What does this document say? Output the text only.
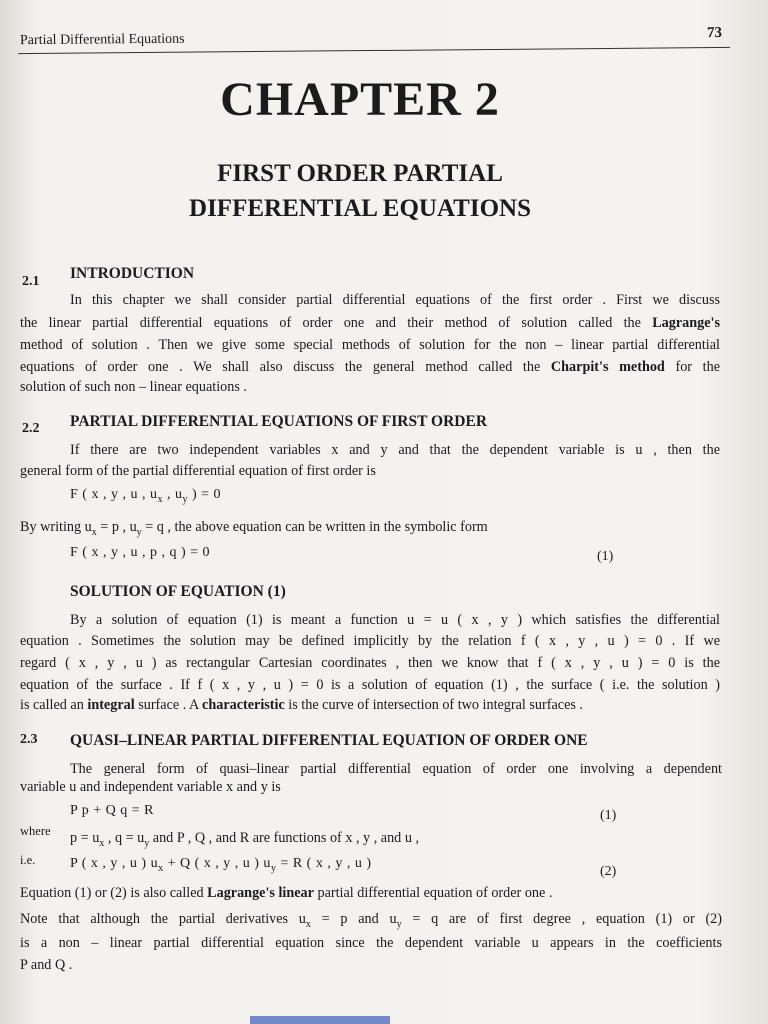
Partial Differential Equations	73
CHAPTER 2
FIRST ORDER PARTIAL
DIFFERENTIAL EQUATIONS
2.1 INTRODUCTION
In this chapter we shall consider partial differential equations of the first order . First we discuss
the linear partial differential equations of order one and their method of solution called the Lagrange's
method of solution . Then we give some special methods of solution for the non – linear partial differential
equations of order one . We shall also discuss the general method called the Charpit's method for the
solution of such non – linear equations .
2.2 PARTIAL DIFFERENTIAL EQUATIONS OF FIRST ORDER
If there are two independent variables x and y and that the dependent variable is u , then the
general form of the partial differential equation of first order is
F ( x , y , u , $u_x$ , $u_y$ ) = 0
By writing $u_x = p$ , $u_y = q$ , the above equation can be written in the symbolic form
F ( x , y , u , p , q ) = 0	(1)
SOLUTION OF EQUATION (1)
By a solution of equation (1) is meant a function u = u ( x , y ) which satisfies the differential
equation . Sometimes the solution may be defined implicitly by the relation f ( x , y , u ) = 0 . If we
regard ( x , y , u ) as rectangular Cartesian coordinates , then we know that f ( x , y , u ) = 0 is the
equation of the surface . If f ( x , y , u ) = 0 is a solution of equation (1) , the surface ( i.e. the solution )
is called an integral surface . A characteristic is the curve of intersection of two integral surfaces .
2.3 QUASI–LINEAR PARTIAL DIFFERENTIAL EQUATION OF ORDER ONE
The general form of quasi–linear partial differential equation of order one involving a dependent
variable u and independent variable x and y is
P p + Q q = R	(1)
where $p = u_x$ , $q = u_y$ and P , Q , and R are functions of x , y , and u ,
i.e. P ( x , y , u ) $u_x + Q$ ( x , y , u ) $u_y = R$ ( x , y , u )
(2)
Equation (1) or (2) is also called Lagrange's linear partial differential equation of order one .
Note that although the partial derivatives $u_x = p$ and $u_y = q$ are of first degree , equation (1) or (2)
is a non – linear partial differential equation since the dependent variable u appears in the coefficients
P and Q .
